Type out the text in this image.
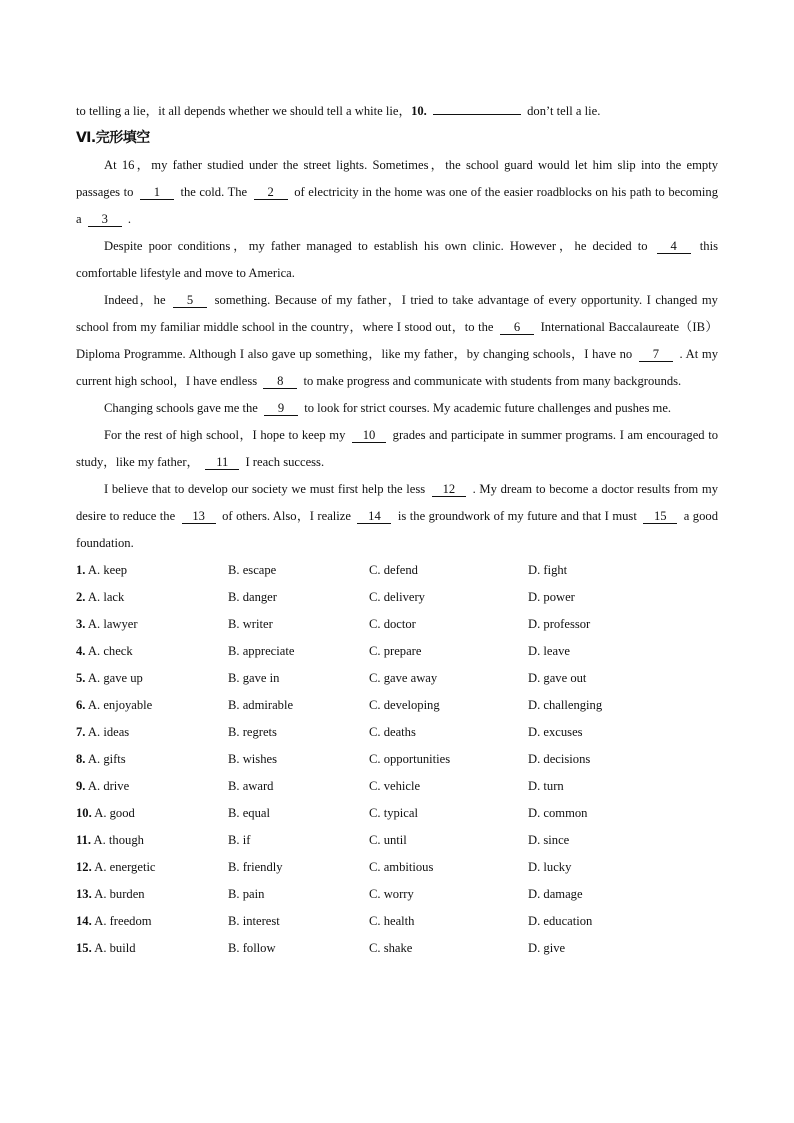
to telling a lie，it all depends whether we should tell a white lie，10.	don’t tell a lie.
Ⅵ.完形填空

At 16，my father studied under the street lights. Sometimes，the school guard would let him slip into the empty passages to 1 the cold. The 2 of electricity in the home was one of the easier roadblocks on his path to becoming a 3 .

Despite poor conditions，my father managed to establish his own clinic. However，he decided to 4 this comfortable lifestyle and move to America.

Indeed，he 5 something. Because of my father，I tried to take advantage of every opportunity. I changed my school from my familiar middle school in the country，where I stood out，to the 6 International Baccalaureate（IB）Diploma Programme. Although I also gave up something，like my father，by changing schools，I have no 7 . At my current high school，I have endless 8 to make progress and communicate with students from many backgrounds.

Changing schools gave me the 9 to look for strict courses. My academic future challenges and pushes me.

For the rest of high school，I hope to keep my 10 grades and participate in summer programs. I am encouraged to study，like my father， 11 I reach success.

I believe that to develop our society we must first help the less 12 . My dream to become a doctor results from my desire to reduce the 13 of others. Also，I realize 14 is the groundwork of my future and that I must 15 a good foundation.

1. A. keep	B. escape	C. defend	D. fight
2. A. lack	B. danger	C. delivery	D. power
3. A. lawyer	B. writer	C. doctor	D. professor
4. A. check	B. appreciate	C. prepare	D. leave
5. A. gave up	B. gave in	C. gave away	D. gave out
6. A. enjoyable	B. admirable	C. developing	D. challenging
7. A. ideas	B. regrets	C. deaths	D. excuses
8. A. gifts	B. wishes	C. opportunities	D. decisions
9. A. drive	B. award	C. vehicle	D. turn
10. A. good	B. equal	C. typical	D. common
11. A. though	B. if	C. until	D. since
12. A. energetic	B. friendly	C. ambitious	D. lucky
13. A. burden	B. pain	C. worry	D. damage
14. A. freedom	B. interest	C. health	D. education
15. A. build	B. follow	C. shake	D. give
